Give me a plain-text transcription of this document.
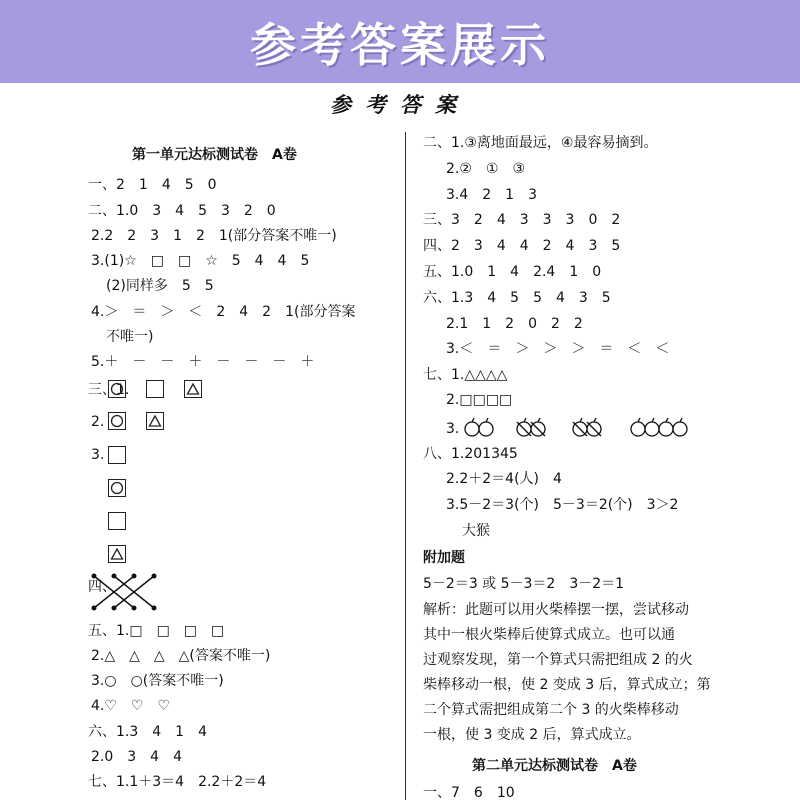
参考答案展示
参考答案
第一单元达标测试卷　A卷
一、2　1　4　5　0
二、1.0　3　4　5　3　2　0
2.2　2　3　1　2　1(部分答案不唯一)
3.(1)☆　□　□　☆　5　4　4　5
(2)同样多　5　5
4.＞　＝　＞　＜　2　4　2　1(部分答案
不唯一)
5.＋　－　－　＋　－　－　－　＋
三、1.
2.
3.
四、
五、1.□　□　□　□
2.△　△　△　△(答案不唯一)
3.○　○(答案不唯一)
4.♡　♡　♡
六、1.3　4　1　4
2.0　3　4　4
七、1.1＋3＝4　2.2＋2＝4
二、1.③离地面最远，④最容易摘到。
2.②　①　③
3.4　2　1　3
三、3　2　4　3　3　3　0　2
四、2　3　4　4　2　4　3　5
五、1.0　1　4　2.4　1　0
六、1.3　4　5　5　4　3　5
2.1　1　2　0　2　2
3.＜　＝　＞　＞　＞　＝　＜　＜
七、1.△△△△
2.□□□□
3.
八、1.201345
2.2＋2＝4(人)　4
3.5－2＝3(个)　5－3＝2(个)　3＞2
大猴
附加题
5－2＝3 或 5－3＝2　3－2＝1
解析：此题可以用火柴棒摆一摆，尝试移动
其中一根火柴棒后使算式成立。也可以通
过观察发现，第一个算式只需把组成 2 的火
柴棒移动一根，使 2 变成 3 后，算式成立；第
二个算式需把组成第二个 3 的火柴棒移动
一根，使 3 变成 2 后，算式成立。
第二单元达标测试卷　A卷
一、7　6　10
